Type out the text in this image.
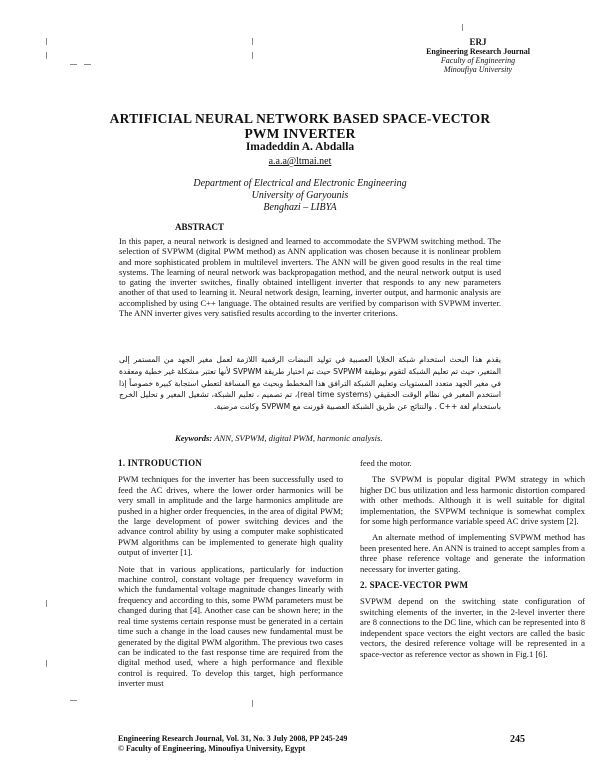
ERJ
Engineering Research Journal
Faculty of Engineering
Minoufiya University
ARTIFICIAL NEURAL NETWORK BASED SPACE-VECTOR PWM INVERTER
Imadeddin A. Abdalla
a.a.a@ltmai.net
Department of Electrical and Electronic Engineering
University of Garyounis
Benghazi – LIBYA
ABSTRACT
In this paper, a neural network is designed and learned to accommodate the SVPWM switching method. The selection of SVPWM (digital PWM method) as ANN application was chosen because it is nonlinear problem and more sophisticated problem in multilevel inverters. The ANN will be given good results in the real time systems. The learning of neural network was backpropagation method, and the neural network output is used to gating the inverter switches, finally obtained intelligent inverter that responds to any new parameters another of that used to learning it. Neural network design, learning, inverter output, and harmonic analysis are accomplished by using C++ language. The obtained results are verified by comparison with SVPWM inverter. The ANN inverter gives very satisfied results according to the inverter criterions.
يقدم هذا البحث استخدام شبكة الخلايا العصبية في توليد النبضات الرقمية اللازمة لعمل مغير الجهد من المستمر إلى المتغير، حيث تم تعليم الشبكة لتقوم بوظيفة SVPWM حيث تم اختيار طريقة SVPWM لأنها تعتبر مشكلة غير خطية ومعقدة في مغير الجهد متعدد المستويات وتعليم الشبكة الترافق هذا المخطط وبحيث مع المسافة لتعطي استجابة كبيرة خصوصاً إذا استخدم المغير في نظام الوقت الحقيقي (real time systems)، تم تصميم ، تعليم الشبكة، تشغيل المغير و تحليل الخرج باستخدام لغة ++C . والنتائج عن طريق الشبكة العصبية قورنت مع SVPWM وكانت مرضية.
Keywords: ANN, SVPWM, digital PWM, harmonic analysis.
1. INTRODUCTION

PWM techniques for the inverter has been successfully used to feed the AC drives, where the lower order harmonics will be very small in amplitude and the large harmonics amplitude are pushed in a higher order frequencies, in the area of digital PWM; the large development of power switching devices and the advance control ability by using a computer make sophisticated PWM algorithms can be implemented to generate high quality output of inverter [1].

Note that in various applications, particularly for induction machine control, constant voltage per frequency waveform in which the fundamental voltage magnitude changes linearly with frequency and according to this, some PWM parameters must be changed during that [4]. Another case can be shown here; in the real time systems certain response must be generated in a certain time such a change in the load causes new fundamental must be generated by the digital PWM algorithm. The previous two cases can be indicated to the fast response time are required from the digital method used, where a high performance and flexible control is required. To develop this target, high performance inverter must

feed the motor.

The SVPWM is popular digital PWM strategy in which higher DC bus utilization and less harmonic distortion compared with other methods. Although it is well suitable for digital implementation, the SVPWM technique is somewhat complex for some high performance variable speed AC drive system [2].

An alternate method of implementing SVPWM method has been presented here. An ANN is trained to accept samples from a three phase reference voltage and generate the information necessary for inverter gating.

2. SPACE-VECTOR PWM

SVPWM depend on the switching state configuration of switching elements of the inverter, in the 2-level inverter there are 8 connections to the DC line, which can be represented into 8 independent space vectors the eight vectors are called the basic vectors, the desired reference voltage will be represented in a space-vector as reference vector as shown in Fig.1 [6].

Engineering Research Journal, Vol. 31, No. 3 July 2008, PP 245-249
© Faculty of Engineering, Minoufiya University, Egypt
245
